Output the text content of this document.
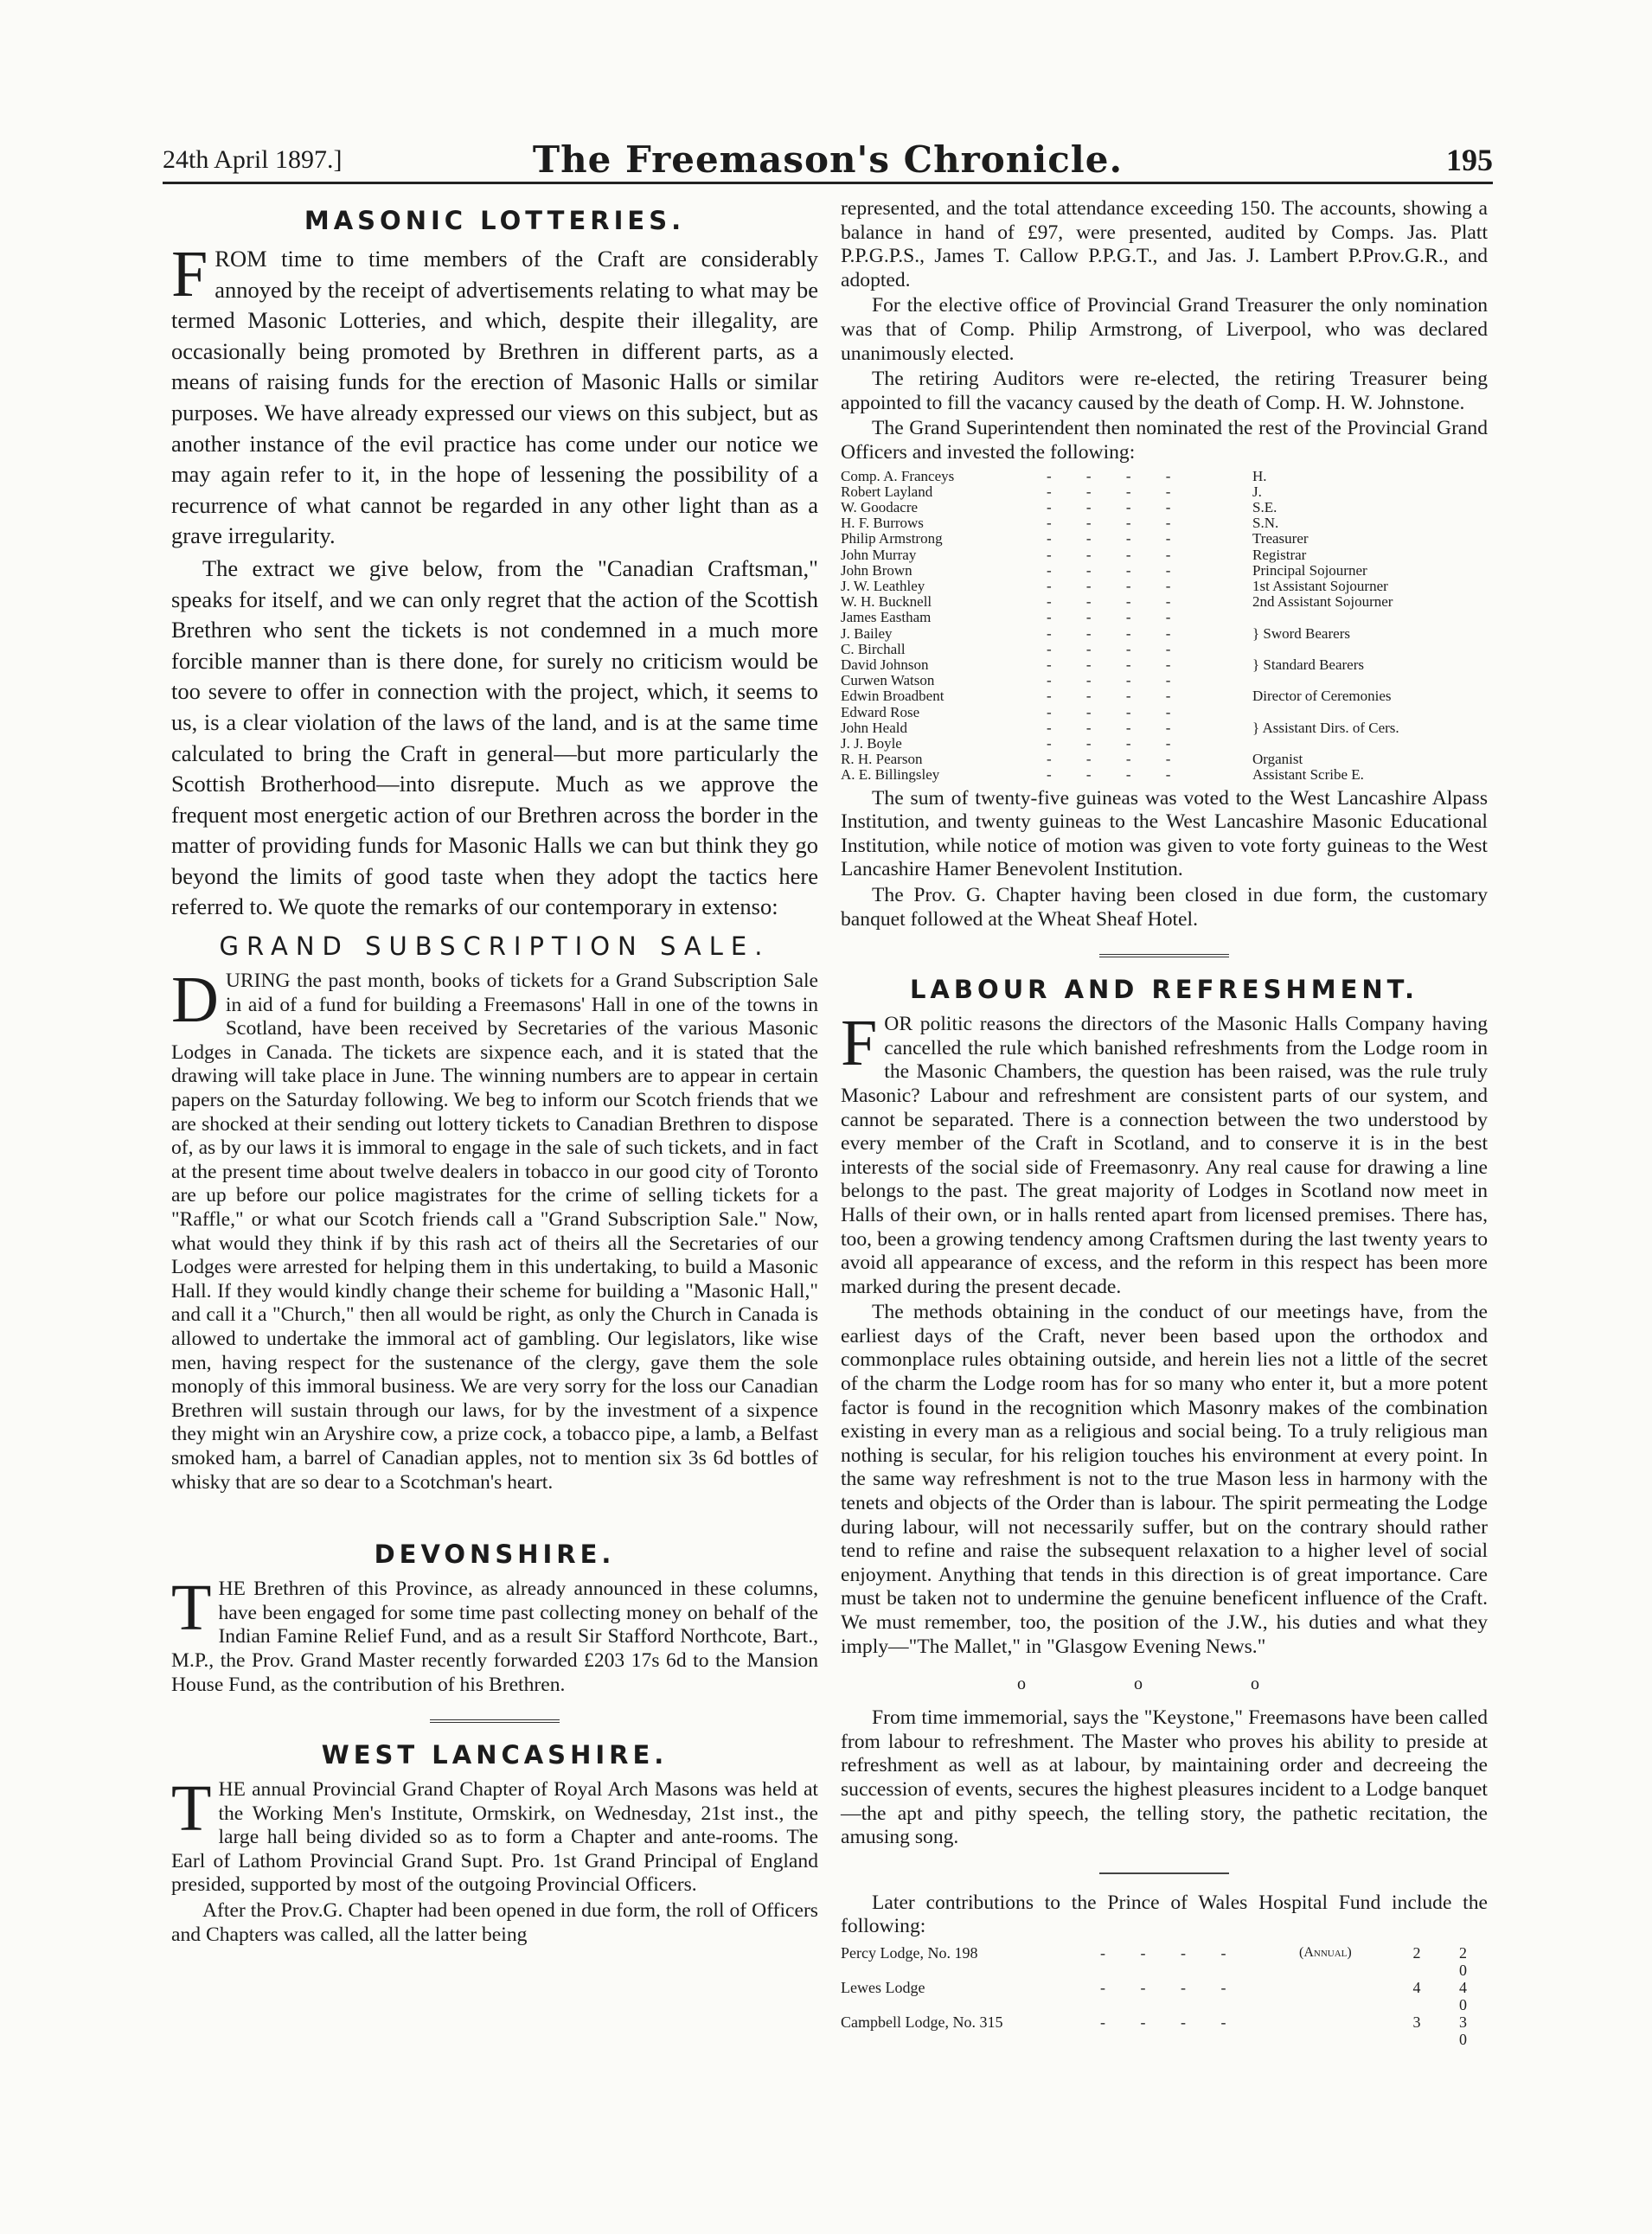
24th April 1897.]	The Freemason's Chronicle.	195
MASONIC LOTTERIES.

FROM time to time members of the Craft are considerably annoyed by the receipt of advertisements relating to what may be termed Masonic Lotteries, and which, despite their illegality, are occasionally being promoted by Brethren in different parts, as a means of raising funds for the erection of Masonic Halls or similar purposes. We have already expressed our views on this subject, but as another instance of the evil practice has come under our notice we may again refer to it, in the hope of lessening the possibility of a recurrence of what cannot be regarded in any other light than as a grave irregularity.

The extract we give below, from the "Canadian Craftsman," speaks for itself, and we can only regret that the action of the Scottish Brethren who sent the tickets is not condemned in a much more forcible manner than is there done, for surely no criticism would be too severe to offer in connection with the project, which, it seems to us, is a clear violation of the laws of the land, and is at the same time calculated to bring the Craft in general—but more particularly the Scottish Brotherhood—into disrepute. Much as we approve the frequent most energetic action of our Brethren across the border in the matter of providing funds for Masonic Halls we can but think they go beyond the limits of good taste when they adopt the tactics here referred to. We quote the remarks of our contemporary in extenso:

GRAND SUBSCRIPTION SALE.

DURING the past month, books of tickets for a Grand Subscription Sale in aid of a fund for building a Freemasons' Hall in one of the towns in Scotland, have been received by Secretaries of the various Masonic Lodges in Canada. The tickets are sixpence each, and it is stated that the drawing will take place in June. The winning numbers are to appear in certain papers on the Saturday following. We beg to inform our Scotch friends that we are shocked at their sending out lottery tickets to Canadian Brethren to dispose of, as by our laws it is immoral to engage in the sale of such tickets, and in fact at the present time about twelve dealers in tobacco in our good city of Toronto are up before our police magistrates for the crime of selling tickets for a "Raffle," or what our Scotch friends call a "Grand Subscription Sale." Now, what would they think if by this rash act of theirs all the Secretaries of our Lodges were arrested for helping them in this undertaking, to build a Masonic Hall. If they would kindly change their scheme for building a "Masonic Hall," and call it a "Church," then all would be right, as only the Church in Canada is allowed to undertake the immoral act of gambling. Our legislators, like wise men, having respect for the sustenance of the clergy, gave them the sole monoply of this immoral business. We are very sorry for the loss our Canadian Brethren will sustain through our laws, for by the investment of a sixpence they might win an Aryshire cow, a prize cock, a tobacco pipe, a lamb, a Belfast smoked ham, a barrel of Canadian apples, not to mention six 3s 6d bottles of whisky that are so dear to a Scotchman's heart.

DEVONSHIRE.

THE Brethren of this Province, as already announced in these columns, have been engaged for some time past collecting money on behalf of the Indian Famine Relief Fund, and as a result Sir Stafford Northcote, Bart., M.P., the Prov. Grand Master recently forwarded £203 17s 6d to the Mansion House Fund, as the contribution of his Brethren.

WEST LANCASHIRE.

THE annual Provincial Grand Chapter of Royal Arch Masons was held at the Working Men's Institute, Ormskirk, on Wednesday, 21st inst., the large hall being divided so as to form a Chapter and ante-rooms. The Earl of Lathom Provincial Grand Supt. Pro. 1st Grand Principal of England presided, supported by most of the outgoing Provincial Officers.

After the Prov.G. Chapter had been opened in due form, the roll of Officers and Chapters was called, all the latter being

represented, and the total attendance exceeding 150. The accounts, showing a balance in hand of £97, were presented, audited by Comps. Jas. Platt P.P.G.P.S., James T. Callow P.P.G.T., and Jas. J. Lambert P.Prov.G.R., and adopted.

For the elective office of Provincial Grand Treasurer the only nomination was that of Comp. Philip Armstrong, of Liverpool, who was declared unanimously elected.

The retiring Auditors were re-elected, the retiring Treasurer being appointed to fill the vacancy caused by the death of Comp. H. W. Johnstone.

The Grand Superintendent then nominated the rest of the Provincial Grand Officers and invested the following:

Comp. A. Franceys	- - - -	H.
Robert Layland	- - - -	J.
W. Goodacre	- - - -	S.E.
H. F. Burrows	- - - -	S.N.
Philip Armstrong	- - - -	Treasurer
John Murray	- - - -	Registrar
John Brown	- - - -	Principal Sojourner
J. W. Leathley	- - - -	1st Assistant Sojourner
W. H. Bucknell	- - - -	2nd Assistant Sojourner
James Eastham	- - - -
J. Bailey	- - - -	} Sword Bearers
C. Birchall	- - - -
David Johnson	- - - -	} Standard Bearers
Curwen Watson	- - - -
Edwin Broadbent	- - - -	Director of Ceremonies
Edward Rose	- - - -
John Heald	- - - -	} Assistant Dirs. of Cers.
J. J. Boyle	- - - -
R. H. Pearson	- - - -	Organist
A. E. Billingsley	- - - -	Assistant Scribe E.

The sum of twenty-five guineas was voted to the West Lancashire Alpass Institution, and twenty guineas to the West Lancashire Masonic Educational Institution, while notice of motion was given to vote forty guineas to the West Lancashire Hamer Benevolent Institution.

The Prov. G. Chapter having been closed in due form, the customary banquet followed at the Wheat Sheaf Hotel.

LABOUR AND REFRESHMENT.

FOR politic reasons the directors of the Masonic Halls Company having cancelled the rule which banished refreshments from the Lodge room in the Masonic Chambers, the question has been raised, was the rule truly Masonic? Labour and refreshment are consistent parts of our system, and cannot be separated. There is a connection between the two understood by every member of the Craft in Scotland, and to conserve it is in the best interests of the social side of Freemasonry. Any real cause for drawing a line belongs to the past. The great majority of Lodges in Scotland now meet in Halls of their own, or in halls rented apart from licensed premises. There has, too, been a growing tendency among Craftsmen during the last twenty years to avoid all appearance of excess, and the reform in this respect has been more marked during the present decade.

The methods obtaining in the conduct of our meetings have, from the earliest days of the Craft, never been based upon the orthodox and commonplace rules obtaining outside, and herein lies not a little of the secret of the charm the Lodge room has for so many who enter it, but a more potent factor is found in the recognition which Masonry makes of the combination existing in every man as a religious and social being. To a truly religious man nothing is secular, for his religion touches his environment at every point. In the same way refreshment is not to the true Mason less in harmony with the tenets and objects of the Order than is labour. The spirit permeating the Lodge during labour, will not necessarily suffer, but on the contrary should rather tend to refine and raise the subsequent relaxation to a higher level of social enjoyment. Anything that tends in this direction is of great importance. Care must be taken not to undermine the genuine beneficent influence of the Craft. We must remember, too, the position of the J.W., his duties and what they imply—"The Mallet," in "Glasgow Evening News."

o o o

From time immemorial, says the "Keystone," Freemasons have been called from labour to refreshment. The Master who proves his ability to preside at refreshment as well as at labour, by maintaining order and decreeing the succession of events, secures the highest pleasures incident to a Lodge banquet—the apt and pithy speech, the telling story, the pathetic recitation, the amusing song.

Later contributions to the Prince of Wales Hospital Fund include the following:

Percy Lodge, No. 198	- - - -	(Annual)	2 2 0
Lewes Lodge	- - - -	4 4 0
Campbell Lodge, No. 315	- - - -	3 3 0
